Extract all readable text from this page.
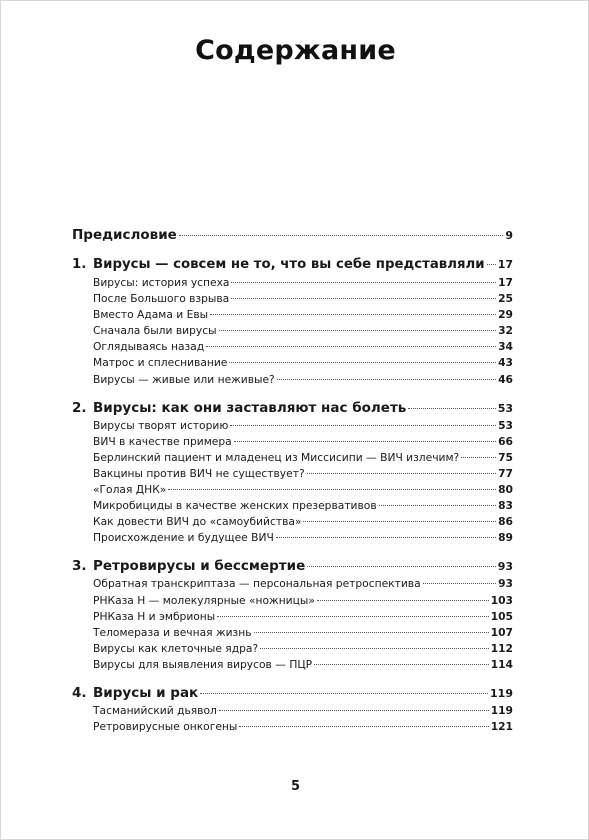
Содержание
Предисловие	9
1. Вирусы — совсем не то, что вы себе представляли 17
Вирусы: история успеха	17
После Большого взрыва	25
Вместо Адама и Евы	29
Сначала были вирусы	32
Оглядываясь назад	34
Матрос и сплеснивание	43
Вирусы — живые или неживые?	46
2. Вирусы: как они заставляют нас болеть	53
Вирусы творят историю	53
ВИЧ в качестве примера	66
Берлинский пациент и младенец из Миссисипи — ВИЧ излечим?	75
Вакцины против ВИЧ не существует?	77
«Голая ДНК»	80
Микробициды в качестве женских презервативов	83
Как довести ВИЧ до «самоубийства»	86
Происхождение и будущее ВИЧ	89
3. Ретровирусы и бессмертие	93
Обратная транскриптаза — персональная ретроспектива	93
РНКаза H — молекулярные «ножницы»	103
РНКаза H и эмбрионы	105
Теломераза и вечная жизнь	107
Вирусы как клеточные ядра?	112
Вирусы для выявления вирусов — ПЦР	114
4. Вирусы и рак	119
Тасманийский дьявол	119
Ретровирусные онкогены	121
5
